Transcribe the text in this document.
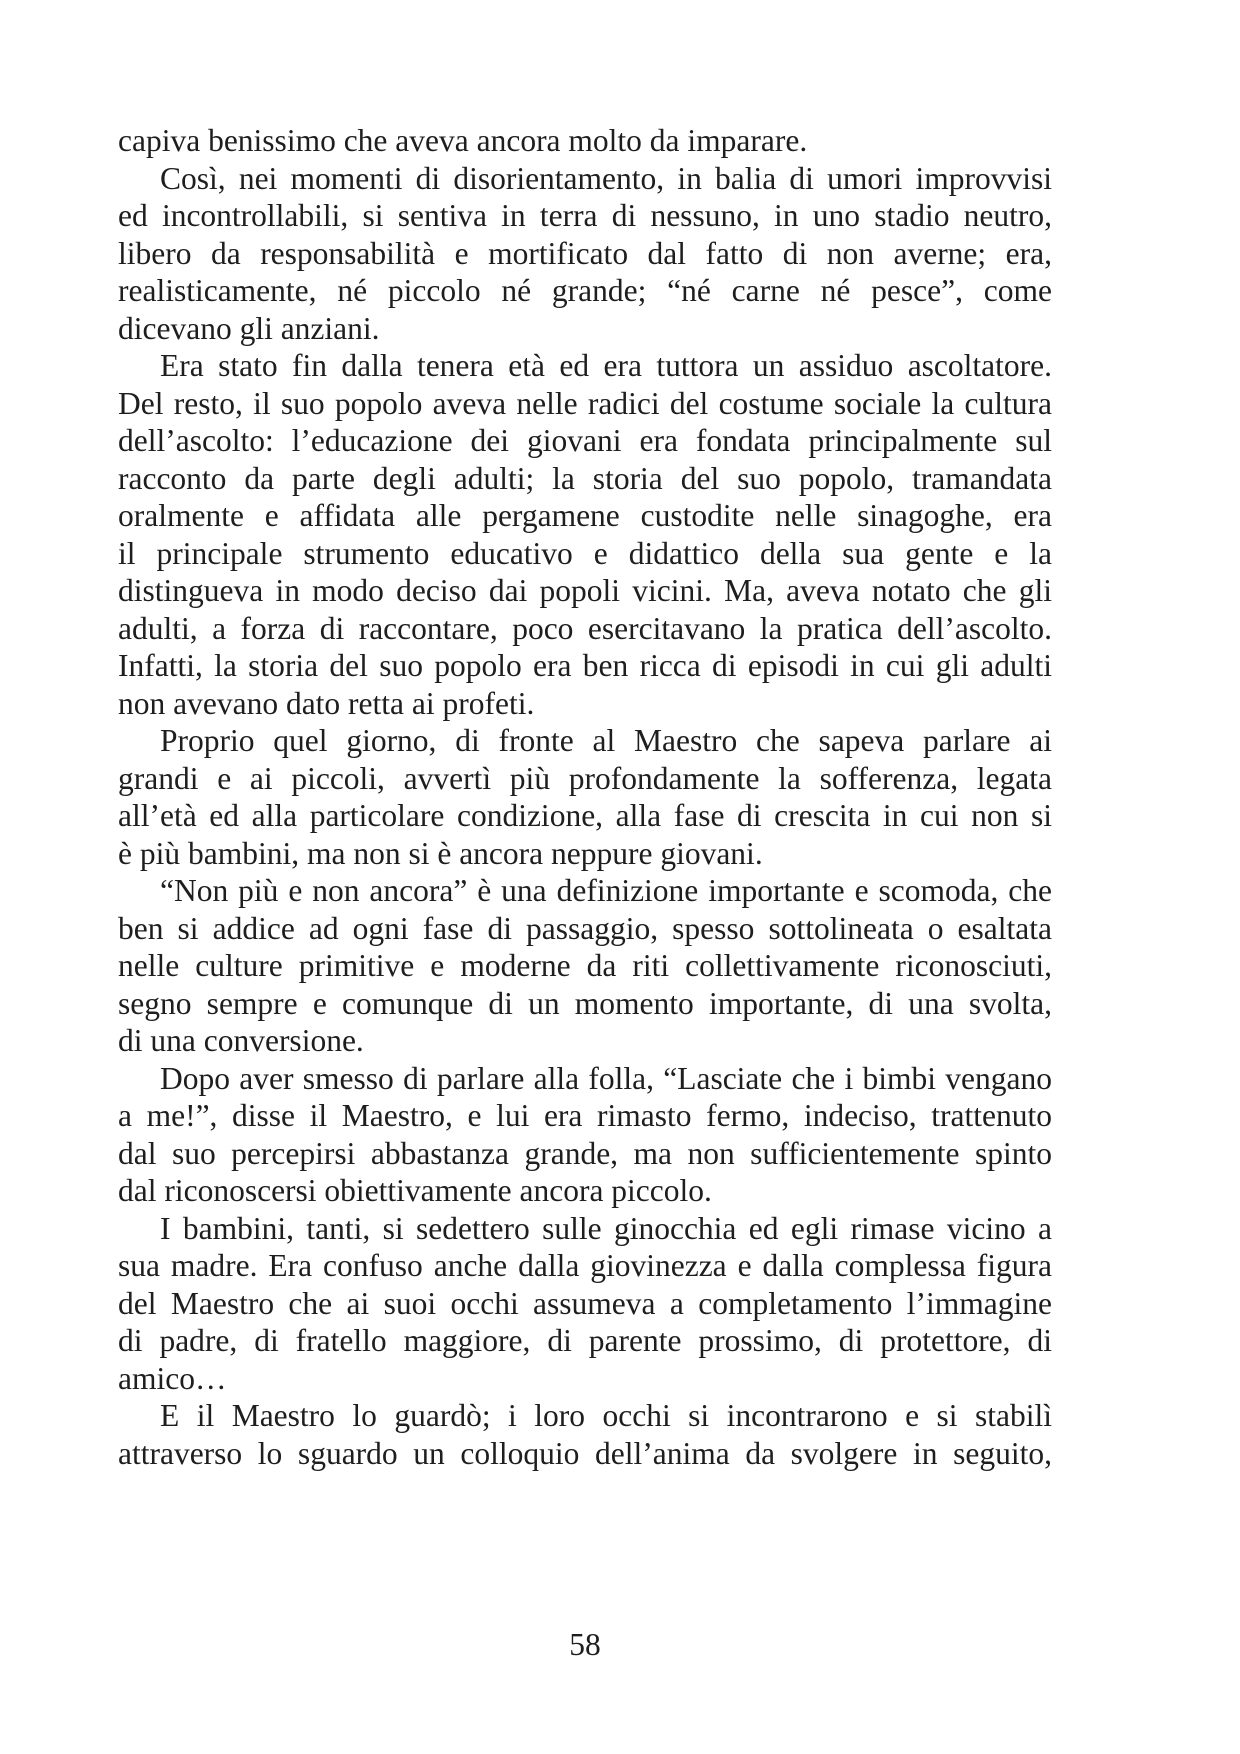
capiva benissimo che aveva ancora molto da imparare.
Così, nei momenti di disorientamento, in balia di umori improvvisi
ed incontrollabili, si sentiva in terra di nessuno, in uno stadio neutro,
libero da responsabilità e mortificato dal fatto di non averne; era,
realisticamente, né piccolo né grande; “né carne né pesce”, come
dicevano gli anziani.
Era stato fin dalla tenera età ed era tuttora un assiduo ascoltatore.
Del resto, il suo popolo aveva nelle radici del costume sociale la cultura
dell’ascolto: l’educazione dei giovani era fondata principalmente sul
racconto da parte degli adulti; la storia del suo popolo, tramandata
oralmente e affidata alle pergamene custodite nelle sinagoghe, era
il principale strumento educativo e didattico della sua gente e la
distingueva in modo deciso dai popoli vicini. Ma, aveva notato che gli
adulti, a forza di raccontare, poco esercitavano la pratica dell’ascolto.
Infatti, la storia del suo popolo era ben ricca di episodi in cui gli adulti
non avevano dato retta ai profeti.
Proprio quel giorno, di fronte al Maestro che sapeva parlare ai
grandi e ai piccoli, avvertì più profondamente la sofferenza, legata
all’età ed alla particolare condizione, alla fase di crescita in cui non si
è più bambini, ma non si è ancora neppure giovani.
“Non più e non ancora” è una definizione importante e scomoda, che
ben si addice ad ogni fase di passaggio, spesso sottolineata o esaltata
nelle culture primitive e moderne da riti collettivamente riconosciuti,
segno sempre e comunque di un momento importante, di una svolta,
di una conversione.
Dopo aver smesso di parlare alla folla, “Lasciate che i bimbi vengano
a me!”, disse il Maestro, e lui era rimasto fermo, indeciso, trattenuto
dal suo percepirsi abbastanza grande, ma non sufficientemente spinto
dal riconoscersi obiettivamente ancora piccolo.
I bambini, tanti, si sedettero sulle ginocchia ed egli rimase vicino a
sua madre. Era confuso anche dalla giovinezza e dalla complessa figura
del Maestro che ai suoi occhi assumeva a completamento l’immagine
di padre, di fratello maggiore, di parente prossimo, di protettore, di
amico…
E il Maestro lo guardò; i loro occhi si incontrarono e si stabilì
attraverso lo sguardo un colloquio dell’anima da svolgere in seguito,
58
